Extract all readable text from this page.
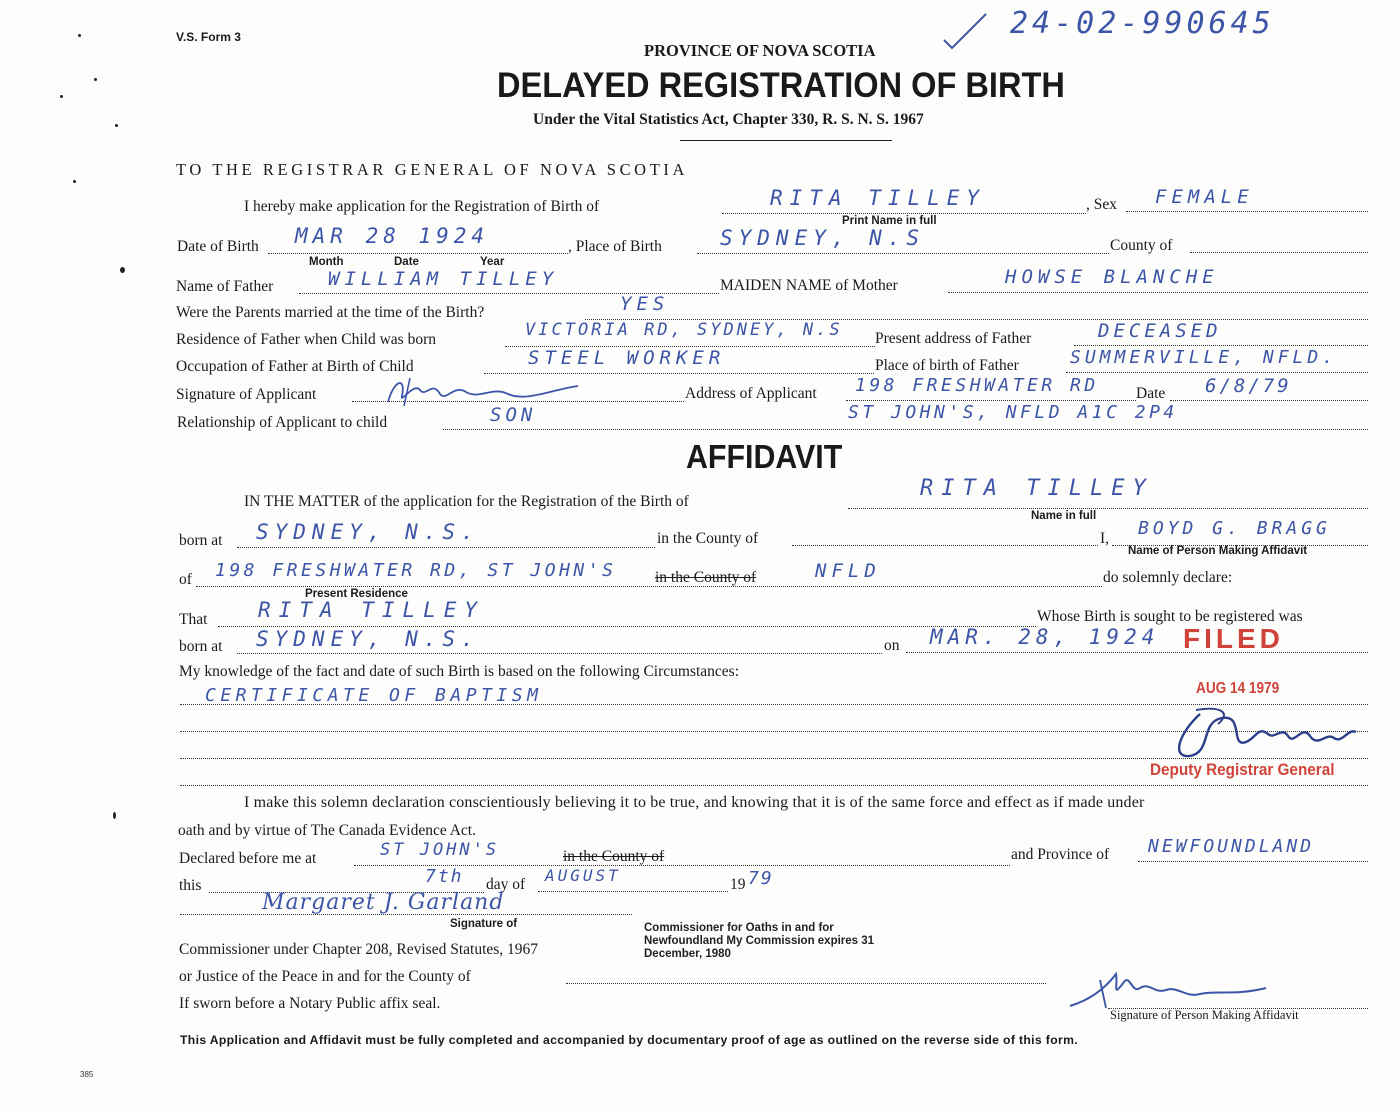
V.S. Form 3	24-02-990645
PROVINCE OF NOVA SCOTIA
DELAYED REGISTRATION OF BIRTH
Under the Vital Statistics Act, Chapter 330, R. S. N. S. 1967
TO THE REGISTRAR GENERAL OF NOVA SCOTIA
I hereby make application for the Registration of Birth of	RITA TILLEY	, Sex FEMALE
Print Name in full
Date of Birth MAR 28 1924	, Place of Birth	SYDNEY, N.S	County of
Month	Date	Year
Name of Father	WILLIAM TILLEY	MAIDEN NAME of Mother	HOWSE BLANCHE
Were the Parents married at the time of the Birth?	YES
Residence of Father when Child was born	VICTORIA RD, SYDNEY, N.S Present address of Father	DECEASED
Occupation of Father at Birth of Child	STEEL WORKER	Place of birth of Father	SUMMERVILLE, NFLD.
Signature of Applicant	Address of Applicant 198 FRESHWATER RD Date 6/8/79
Relationship of Applicant to child	SON	ST JOHN'S, NFLD A1C 2P4
AFFIDAVIT
IN THE MATTER of the application for the Registration of the Birth of
RITA TILLEY
Name in full
born at SYDNEY, N.S.	in the County of	I, BOYD G. BRAGG
Name of Person Making Affidavit
of 198 FRESHWATER RD, ST JOHN'S in the County of	NFLD	do solemnly declare:
Present Residence
That RITA TILLEY	Whose Birth is sought to be registered was
born at SYDNEY, N.S.	on MAR. 28, 1924
My knowledge of the fact and date of such Birth is based on the following Circumstances:
CERTIFICATE OF BAPTISM
FILED
AUG 14 1979
Deputy Registrar General
I make this solemn declaration conscientiously believing it to be true, and knowing that it is of the same force and effect as if made under
oath and by virtue of The Canada Evidence Act.
Declared before me at	ST JOHN'S	in the County of	and Province of NEWFOUNDLAND
this	7th day of AUGUST	19 79
Margaret J. Garland
Signature of
Commissioner under Chapter 208, Revised Statutes, 1967
Commissioner for Oaths in and for Newfoundland My Commission expires 31 December, 1980
or Justice of the Peace in and for the County of
If sworn before a Notary Public affix seal.
Signature of Person Making Affidavit
This Application and Affidavit must be fully completed and accompanied by documentary proof of age as outlined on the reverse side of this form.
385
